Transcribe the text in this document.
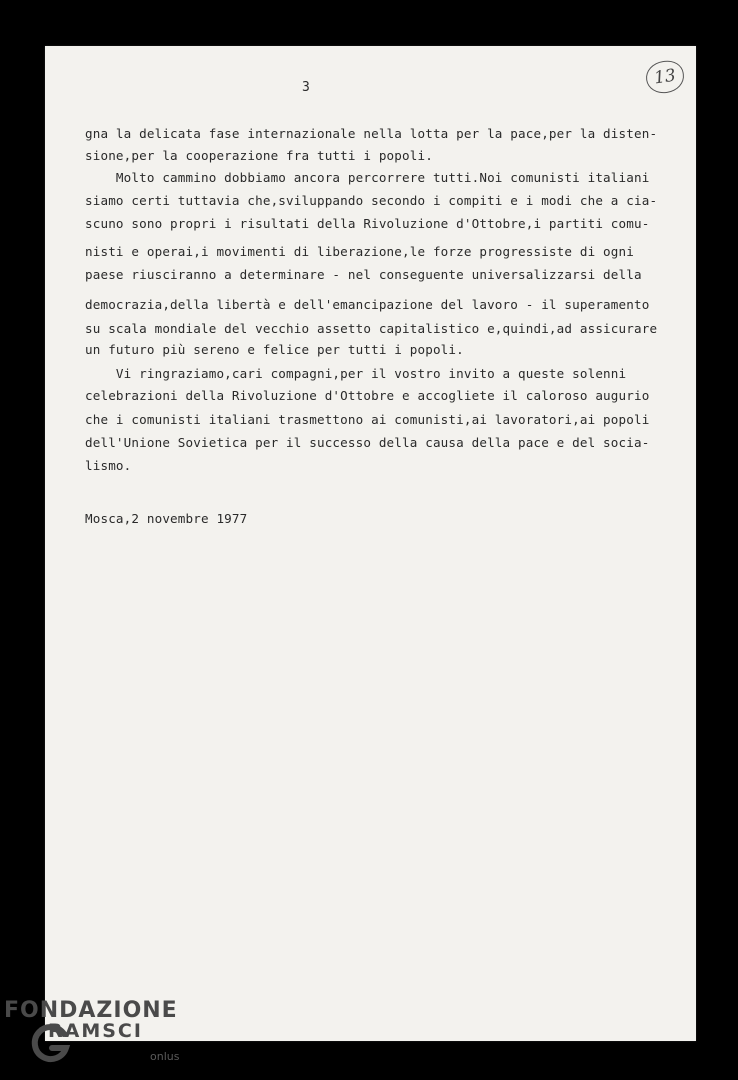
3	13
gna la delicata fase internazionale nella lotta per la pace,per la disten-
sione,per la cooperazione fra tutti i popoli.
Molto cammino dobbiamo ancora percorrere tutti.Noi comunisti italiani
siamo certi tuttavia che,sviluppando secondo i compiti e i modi che a cia-
scuno sono propri i risultati della Rivoluzione d'Ottobre,i partiti comu-
nisti e operai,i movimenti di liberazione,le forze progressiste di ogni
paese riusciranno a determinare - nel conseguente universalizzarsi della
democrazia,della libertà e dell'emancipazione del lavoro - il superamento
su scala mondiale del vecchio assetto capitalistico e,quindi,ad assicurare
un futuro più sereno e felice per tutti i popoli.
Vi ringraziamo,cari compagni,per il vostro invito a queste solenni
celebrazioni della Rivoluzione d'Ottobre e accogliete il caloroso augurio
che i comunisti italiani trasmettono ai comunisti,ai lavoratori,ai popoli
dell'Unione Sovietica per il successo della causa della pace e del socia-
lismo.
Mosca,2 novembre 1977
FONDAZIONE
RAMSCI
onlus
